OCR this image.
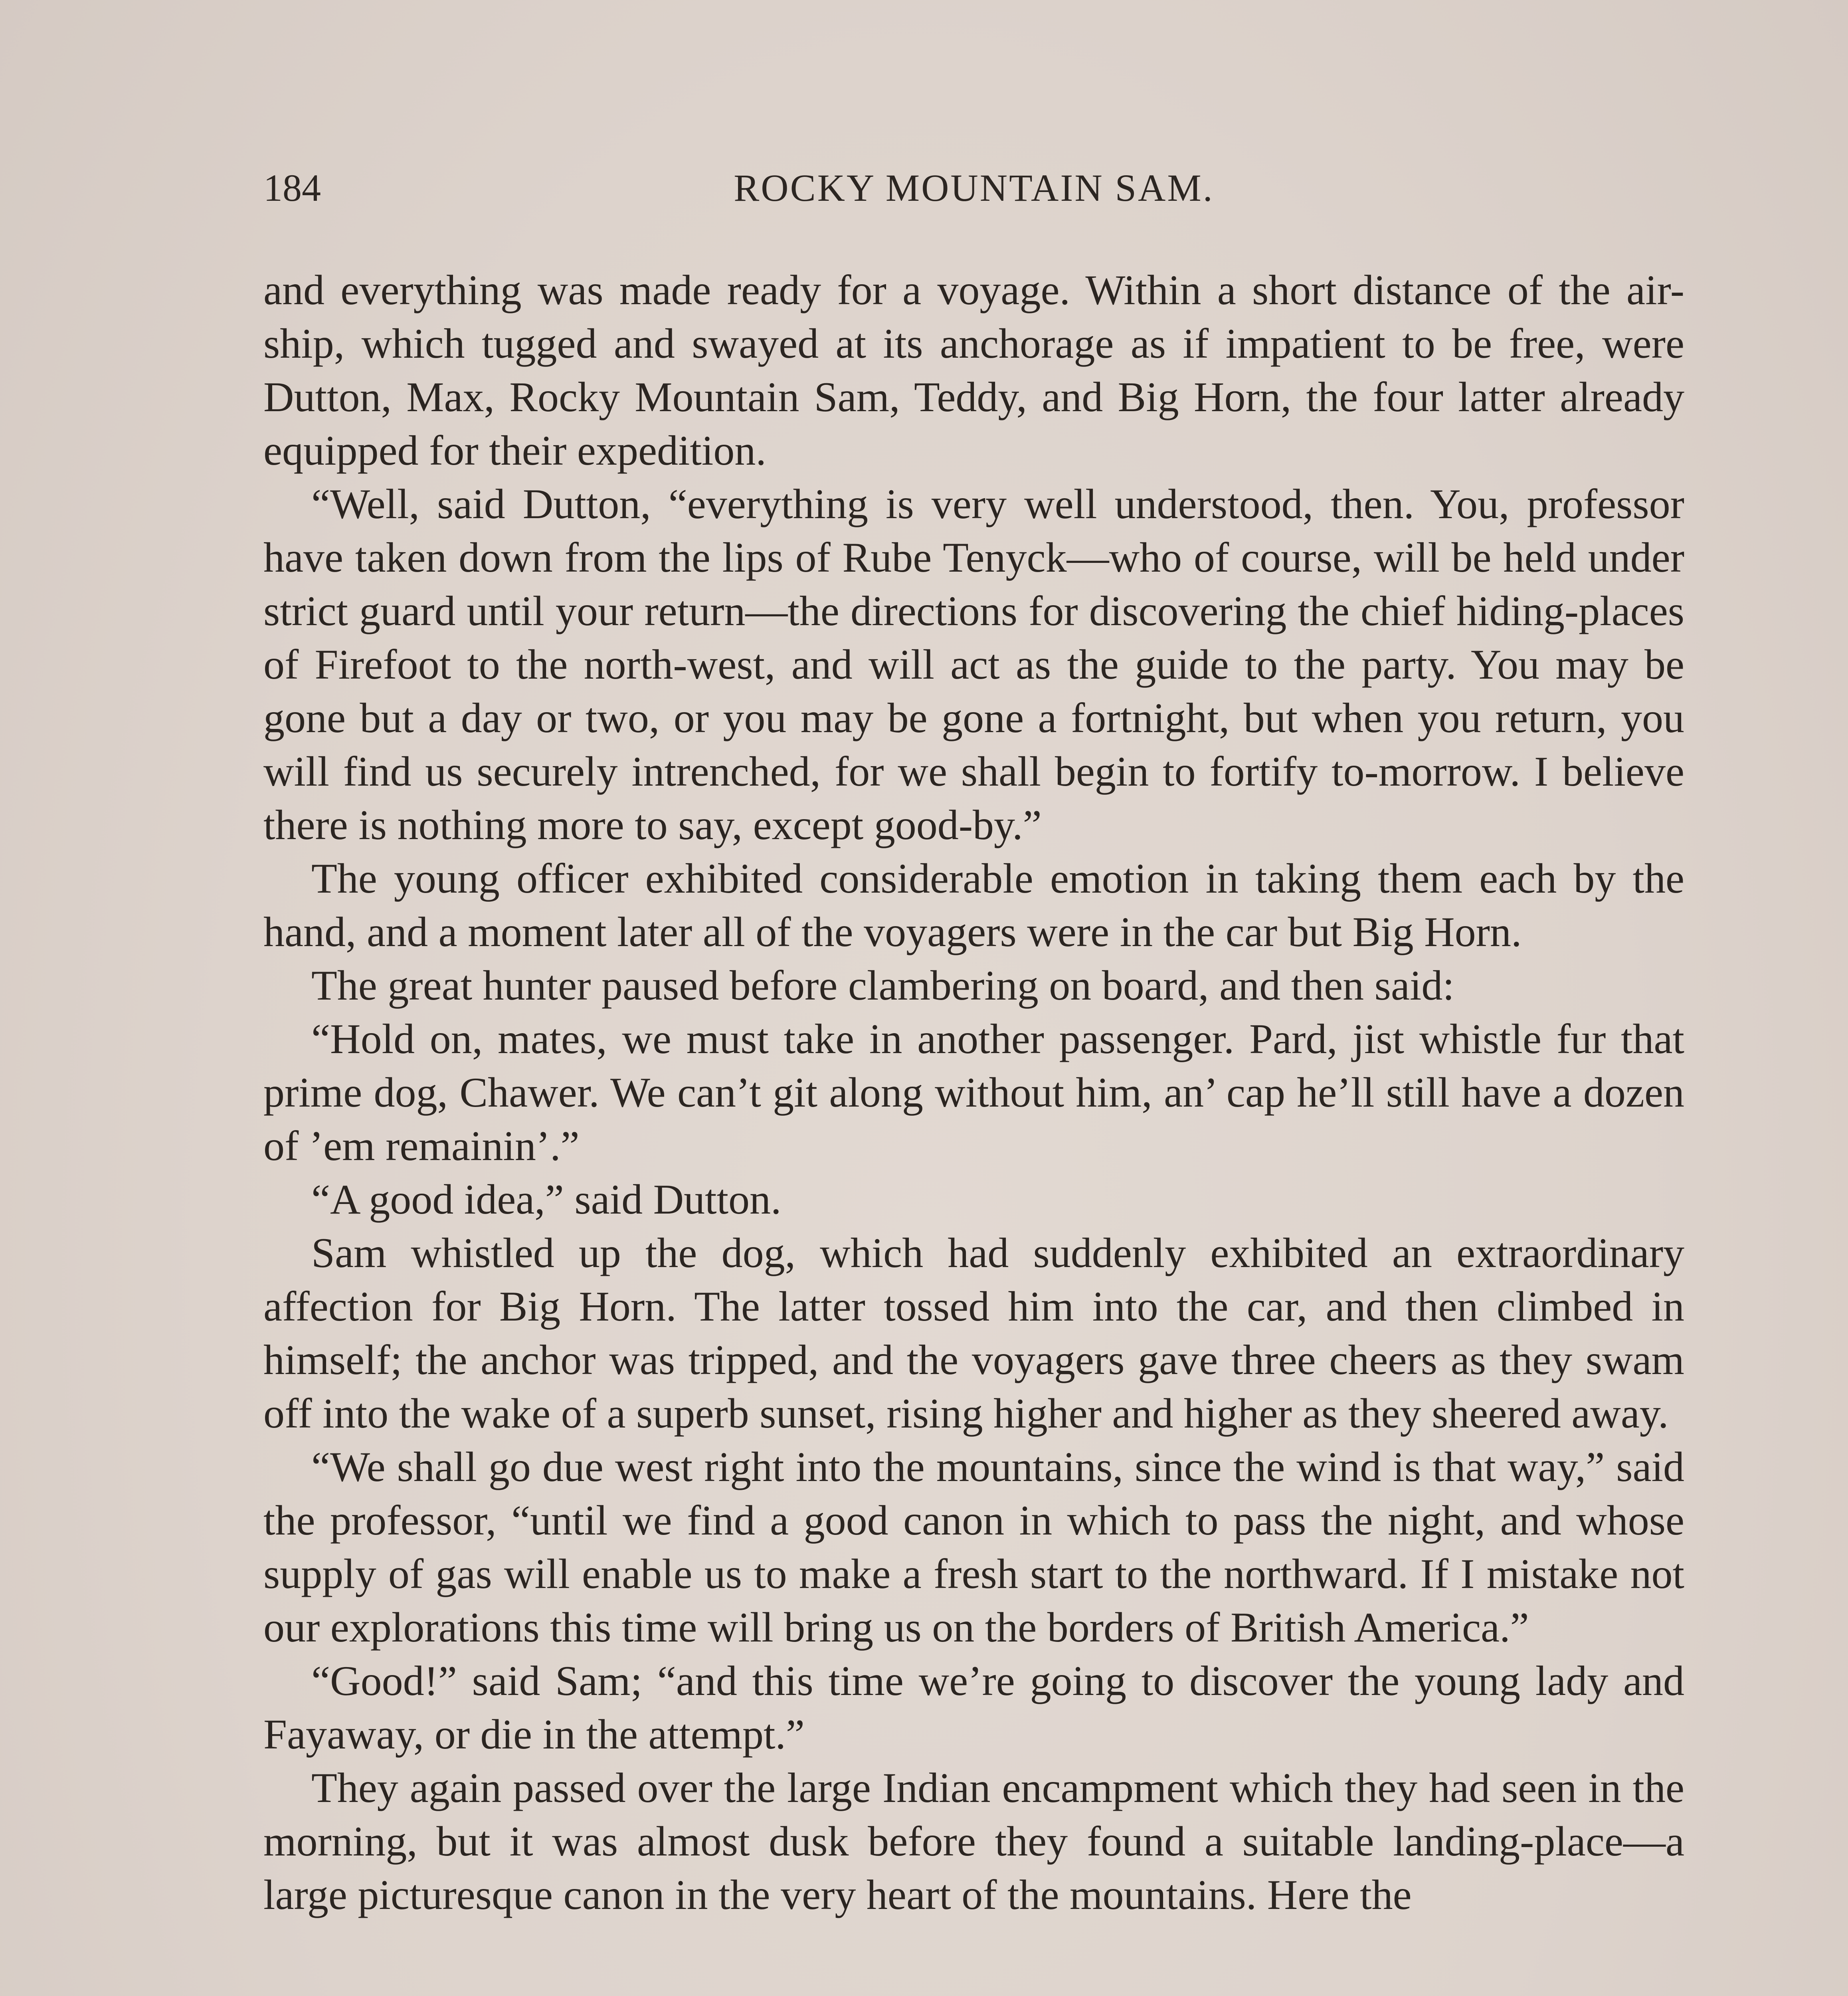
184	ROCKY MOUNTAIN SAM.

and everything was made ready for a voyage. Within a short distance of the air-ship, which tugged and swayed at its anchorage as if impatient to be free, were Dutton, Max, Rocky Mountain Sam, Teddy, and Big Horn, the four latter already equipped for their expedition.

“Well, said Dutton, “everything is very well understood, then. You, professor have taken down from the lips of Rube Tenyck—who of course, will be held under strict guard until your return—the directions for discovering the chief hiding-places of Firefoot to the north-west, and will act as the guide to the party. You may be gone but a day or two, or you may be gone a fortnight, but when you return, you will find us securely intrenched, for we shall begin to fortify to-morrow. I believe there is nothing more to say, except good-by.”

The young officer exhibited considerable emotion in taking them each by the hand, and a moment later all of the voyagers were in the car but Big Horn.

The great hunter paused before clambering on board, and then said:

“Hold on, mates, we must take in another passenger. Pard, jist whistle fur that prime dog, Chawer. We can’t git along without him, an’ cap he’ll still have a dozen of ’em remainin’.”

“A good idea,” said Dutton.

Sam whistled up the dog, which had suddenly exhibited an extraordinary affection for Big Horn. The latter tossed him into the car, and then climbed in himself; the anchor was tripped, and the voyagers gave three cheers as they swam off into the wake of a superb sunset, rising higher and higher as they sheered away.

“We shall go due west right into the mountains, since the wind is that way,” said the professor, “until we find a good canon in which to pass the night, and whose supply of gas will enable us to make a fresh start to the northward. If I mistake not our explorations this time will bring us on the borders of British America.”

“Good!” said Sam; “and this time we’re going to discover the young lady and Fayaway, or die in the attempt.”

They again passed over the large Indian encampment which they had seen in the morning, but it was almost dusk before they found a suitable landing-place—a large picturesque canon in the very heart of the mountains. Here the
